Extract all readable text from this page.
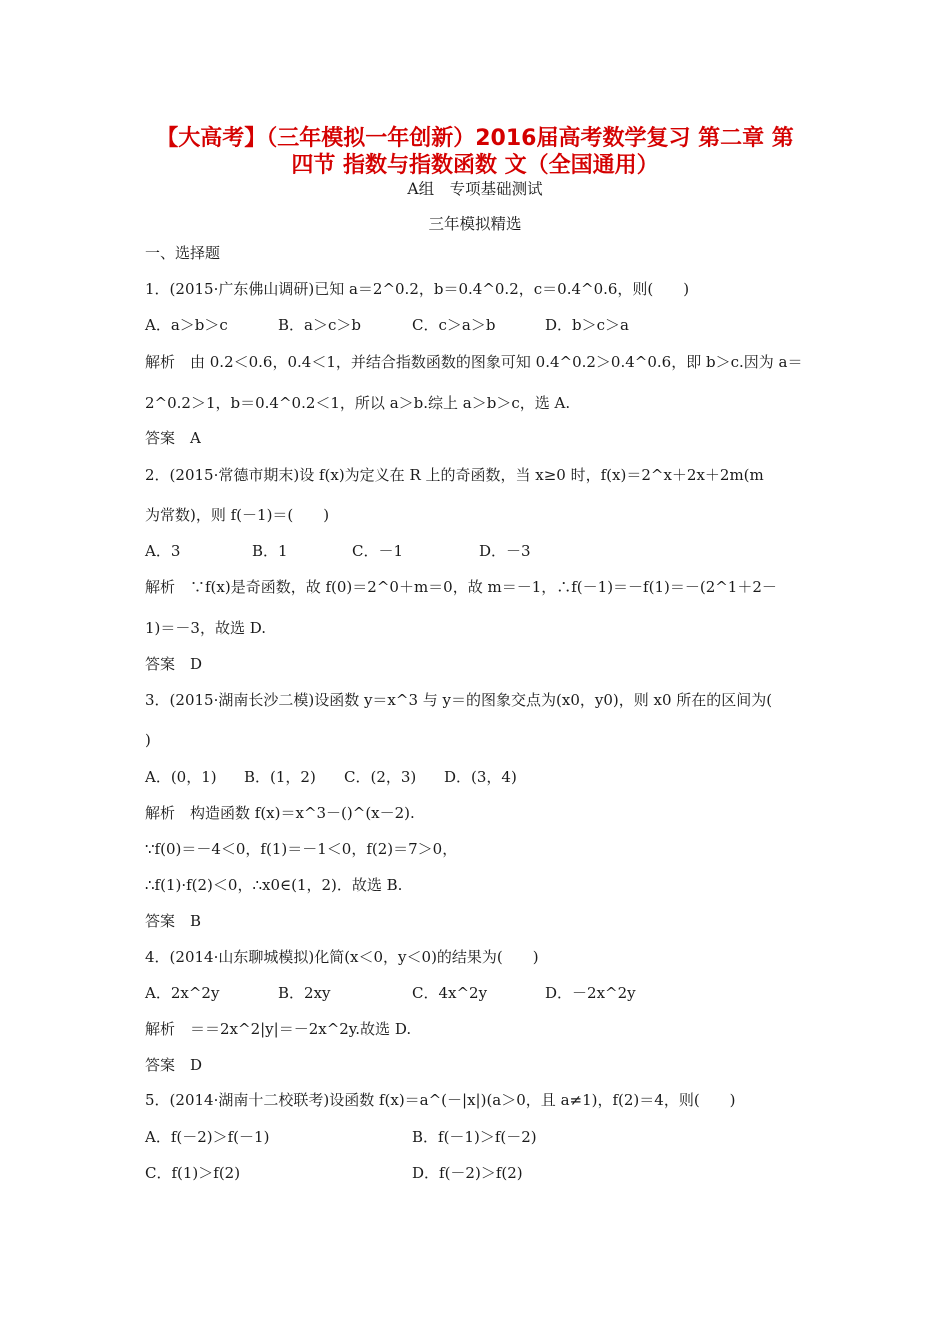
【大高考】（三年模拟一年创新）2016届高考数学复习 第二章 第
四节 指数与指数函数 文（全国通用）
A组　专项基础测试
三年模拟精选
一、选择题
1．(2015·广东佛山调研)已知 a＝2^0.2，b＝0.4^0.2，c＝0.4^0.6，则(　　)
A．a＞b＞c	B．a＞c＞b	C．c＞a＞b	D．b＞c＞a
解析　由 0.2＜0.6，0.4＜1，并结合指数函数的图象可知 0.4^0.2＞0.4^0.6，即 b＞c.因为 a＝
2^0.2＞1，b＝0.4^0.2＜1，所以 a＞b.综上 a＞b＞c，选 A.
答案　A
2．(2015·常德市期末)设 f(x)为定义在 R 上的奇函数，当 x≥0 时，f(x)＝2^x＋2x＋2m(m
为常数)，则 f(－1)＝(　　)
A．3	B．1	C．－1	D．－3
解析　∵f(x)是奇函数，故 f(0)＝2^0＋m＝0，故 m＝－1，∴f(－1)＝－f(1)＝－(2^1＋2－
1)＝－3，故选 D.
答案　D
3．(2015·湖南长沙二模)设函数 y＝x^3 与 y＝的图象交点为(x0，y0)，则 x0 所在的区间为(
)
A．(0，1) B．(1，2) C．(2，3) D．(3，4)
解析　构造函数 f(x)＝x^3－()^(x－2).
∵f(0)＝－4＜0，f(1)＝－1＜0，f(2)＝7＞0，
∴f(1)·f(2)＜0，∴x0∈(1，2)．故选 B.
答案　B
4．(2014·山东聊城模拟)化简(x＜0，y＜0)的结果为(　　)
A．2x^2y	B．2xy	C．4x^2y	D．－2x^2y
解析　＝＝2x^2|y|＝－2x^2y.故选 D.
答案　D
5．(2014·湖南十二校联考)设函数 f(x)＝a^(－|x|)(a＞0，且 a≠1)，f(2)＝4，则(　　)
A．f(－2)＞f(－1)	B．f(－1)＞f(－2)
C．f(1)＞f(2)	D．f(－2)＞f(2)
